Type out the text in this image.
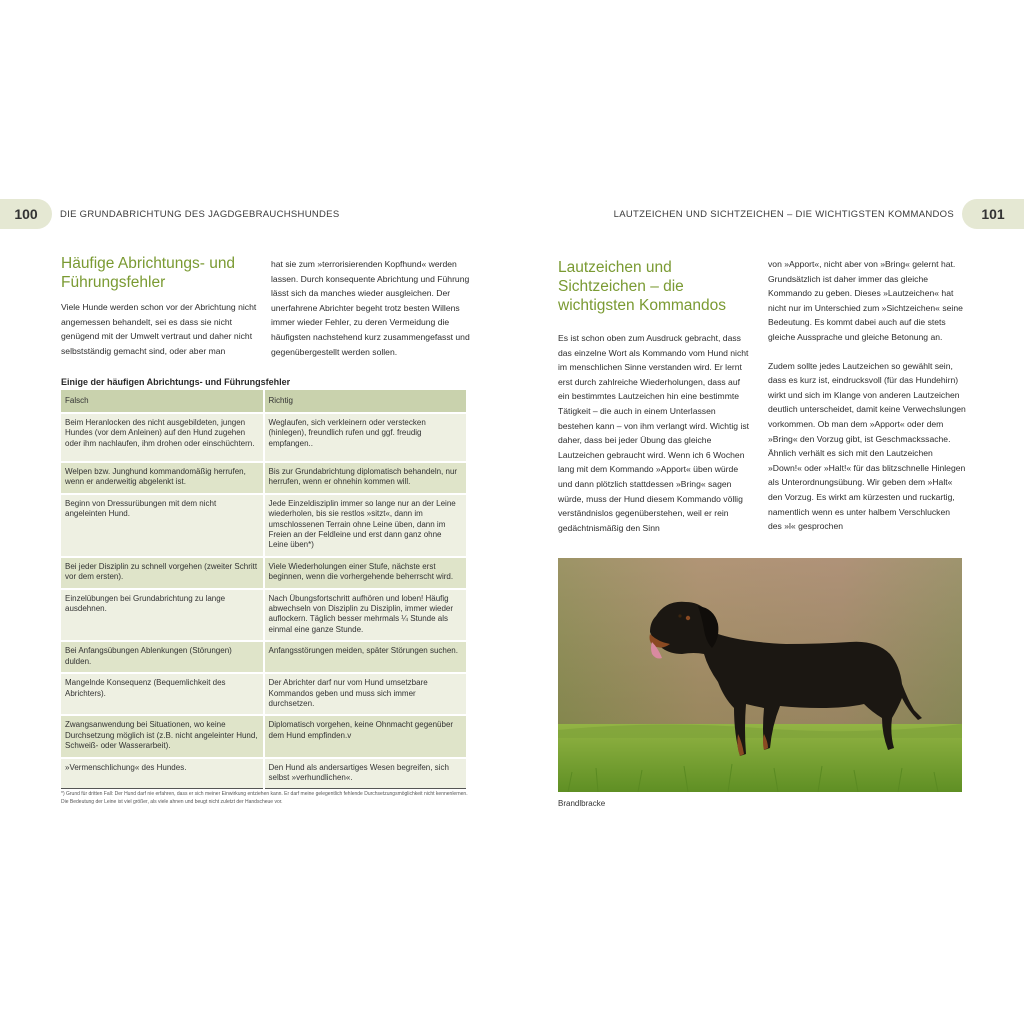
100	DIE GRUNDABRICHTUNG DES JAGDGEBRAUCHSHUNDES
Häufige Abrichtungs- und Führungsfehler

Viele Hunde werden schon vor der Abrichtung nicht angemessen behandelt, sei es dass sie nicht genügend mit der Umwelt vertraut und daher nicht selbstständig gemacht sind, oder aber man

hat sie zum »terrorisierenden Kopfhund« werden lassen. Durch konsequente Abrichtung und Führung lässt sich da manches wieder ausgleichen. Der unerfahrene Abrichter begeht trotz besten Willens immer wieder Fehler, zu deren Vermeidung die häufigsten nachstehend kurz zusammengefasst und gegenübergestellt werden sollen.

Einige der häufigen Abrichtungs- und Führungsfehler
Falsch	Richtig
Beim Heranlocken des nicht ausgebildeten, jungen Hundes (vor dem Anleinen) auf den Hund zugehen oder ihm nachlaufen, ihm drohen oder einschüchtern.	Weglaufen, sich verkleinern oder verstecken (hinlegen), freundlich rufen und ggf. freudig empfangen..
Welpen bzw. Junghund kommandomäßig herrufen, wenn er anderweitig abgelenkt ist.	Bis zur Grundabrichtung diplomatisch behandeln, nur herrufen, wenn er ohnehin kommen will.
Beginn von Dressurübungen mit dem nicht angeleinten Hund.	Jede Einzeldisziplin immer so lange nur an der Leine wiederholen, bis sie restlos »sitzt«, dann im umschlossenen Terrain ohne Leine üben, dann im Freien an der Feldleine und erst dann ganz ohne Leine üben*)
Bei jeder Disziplin zu schnell vorgehen (zweiter Schritt vor dem ersten).	Viele Wiederholungen einer Stufe, nächste erst beginnen, wenn die vorhergehende beherrscht wird.
Einzelübungen bei Grundabrichtung zu lange ausdehnen.	Nach Übungsfortschritt aufhören und loben! Häufig abwechseln von Disziplin zu Disziplin, immer wieder auflockern. Täglich besser mehrmals ¼ Stunde als einmal eine ganze Stunde.
Bei Anfangsübungen Ablenkungen (Störungen) dulden.	Anfangsstörungen meiden, später Störungen suchen.
Mangelnde Konsequenz (Bequemlichkeit des Abrichters).	Der Abrichter darf nur vom Hund umsetzbare Kommandos geben und muss sich immer durchsetzen.
Zwangsanwendung bei Situationen, wo keine Durchsetzung möglich ist (z.B. nicht angeleinter Hund, Schweiß- oder Wasserarbeit).	Diplomatisch vorgehen, keine Ohnmacht gegenüber dem Hund empfinden.v
»Vermenschlichung« des Hundes.	Den Hund als andersartiges Wesen begreifen, sich selbst »verhundlichen«.
*) Grund für dritten Fall: Der Hund darf nie erfahren, dass er sich meiner Einwirkung entziehen kann. Er darf meine gelegentlich fehlende Durchsetzungsmöglichkeit nicht kennenlernen. Die Bedeutung der Leine ist viel größer, als viele ahnen und beugt nicht zuletzt der Handscheue vor.
LAUTZEICHEN UND SICHTZEICHEN – DIE WICHTIGSTEN KOMMANDOS	101
Lautzeichen und Sichtzeichen – die wichtigsten Kommandos

Es ist schon oben zum Ausdruck gebracht, dass das einzelne Wort als Kommando vom Hund nicht im menschlichen Sinne verstanden wird. Er lernt erst durch zahlreiche Wiederholungen, dass auf ein bestimmtes Lautzeichen hin eine bestimmte Tätigkeit – die auch in einem Unterlassen bestehen kann – von ihm verlangt wird. Wichtig ist daher, dass bei jeder Übung das gleiche Lautzeichen gebraucht wird. Wenn ich 6 Wochen lang mit dem Kommando »Apport« üben würde und dann plötzlich stattdessen »Bring« sagen würde, muss der Hund diesem Kommando völlig verständnislos gegenüberstehen, weil er rein gedächtnismäßig den Sinn

von »Apport«, nicht aber von »Bring« gelernt hat. Grundsätzlich ist daher immer das gleiche Kommando zu geben. Dieses »Lautzeichen« hat nicht nur im Unterschied zum »Sichtzeichen« seine Bedeutung. Es kommt dabei auch auf die stets gleiche Aussprache und gleiche Betonung an.

Zudem sollte jedes Lautzeichen so gewählt sein, dass es kurz ist, eindrucksvoll (für das Hundehirn) wirkt und sich im Klange von anderen Lautzeichen deutlich unterscheidet, damit keine Verwechslungen vorkommen. Ob man dem »Apport« oder dem »Bring« den Vorzug gibt, ist Geschmackssache. Ähnlich verhält es sich mit den Lautzeichen »Down!« oder »Halt!« für das blitzschnelle Hinlegen als Unterordnungsübung. Wir geben dem »Halt« den Vorzug. Es wirkt am kürzesten und ruckartig, namentlich wenn es unter halbem Verschlucken des »l« gesprochen

Brandlbracke
